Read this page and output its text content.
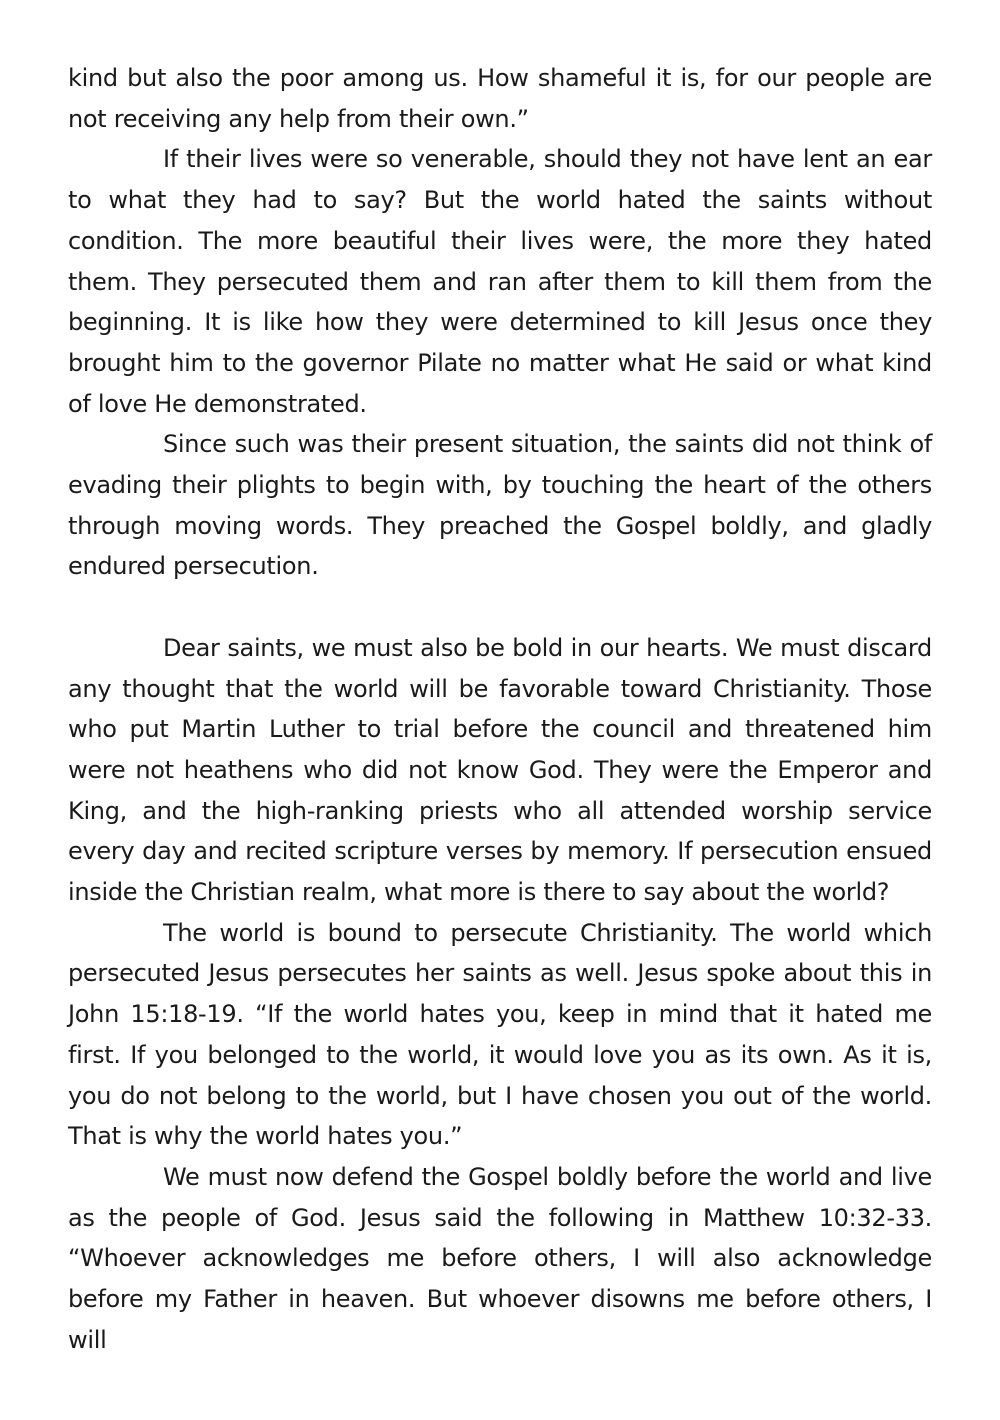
kind but also the poor among us. How shameful it is, for our people are not receiving any help from their own.”

If their lives were so venerable, should they not have lent an ear to what they had to say? But the world hated the saints without condition. The more beautiful their lives were, the more they hated them. They persecuted them and ran after them to kill them from the beginning. It is like how they were determined to kill Jesus once they brought him to the governor Pilate no matter what He said or what kind of love He demonstrated.

Since such was their present situation, the saints did not think of evading their plights to begin with, by touching the heart of the others through moving words. They preached the Gospel boldly, and gladly endured persecution.

Dear saints, we must also be bold in our hearts. We must discard any thought that the world will be favorable toward Christianity. Those who put Martin Luther to trial before the council and threatened him were not heathens who did not know God. They were the Emperor and King, and the high-ranking priests who all attended worship service every day and recited scripture verses by memory. If persecution ensued inside the Christian realm, what more is there to say about the world?

The world is bound to persecute Christianity. The world which persecuted Jesus persecutes her saints as well. Jesus spoke about this in John 15:18-19. “If the world hates you, keep in mind that it hated me first. If you belonged to the world, it would love you as its own. As it is, you do not belong to the world, but I have chosen you out of the world. That is why the world hates you.”

We must now defend the Gospel boldly before the world and live as the people of God. Jesus said the following in Matthew 10:32-33. “Whoever acknowledges me before others, I will also acknowledge before my Father in heaven. But whoever disowns me before others, I will
